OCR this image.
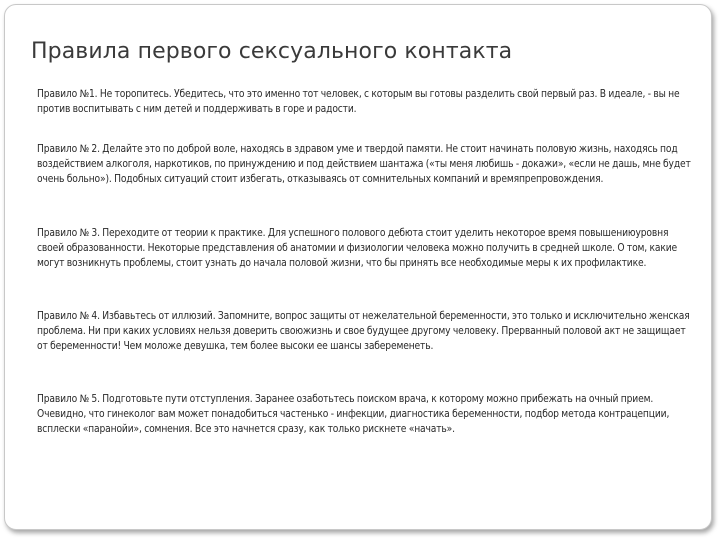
Правила первого сексуального контакта

Правило №1. Не торопитесь. Убедитесь, что это именно тот человек, с которым вы готовы разделить свой первый раз. В идеале, - вы не против воспитывать с ним детей и поддерживать в горе и радости.

Правило № 2. Делайте это по доброй воле, находясь в здравом уме и твердой памяти. Не стоит начинать половую жизнь, находясь под воздействием алкоголя, наркотиков, по принуждению и под действием шантажа («ты меня любишь - докажи», «если не дашь, мне будет очень больно»). Подобных ситуаций стоит избегать, отказываясь от сомнительных компаний и времяпрепровождения.

Правило № 3. Переходите от теории к практике. Для успешного полового дебюта стоит уделить некоторое время повышениюуровня своей образованности. Некоторые представления об анатомии и физиологии человека можно получить в средней школе. О том, какие могут возникнуть проблемы, стоит узнать до начала половой жизни, что бы принять все необходимые меры к их профилактике.

Правило № 4. Избавьтесь от иллюзий. Запомните, вопрос защиты от нежелательной беременности, это только и исключительно женская проблема. Ни при каких условиях нельзя доверить своюжизнь и свое будущее другому человеку. Прерванный половой акт не защищает от беременности! Чем моложе девушка, тем более высоки ее шансы забеременеть.

Правило № 5. Подготовьте пути отступления. Заранее озаботьтесь поиском врача, к которому можно прибежать на очный прием. Очевидно, что гинеколог вам может понадобиться частенько - инфекции, диагностика беременности, подбор метода контрацепции, всплески «паранойи», сомнения. Все это начнется сразу, как только рискнете «начать».
